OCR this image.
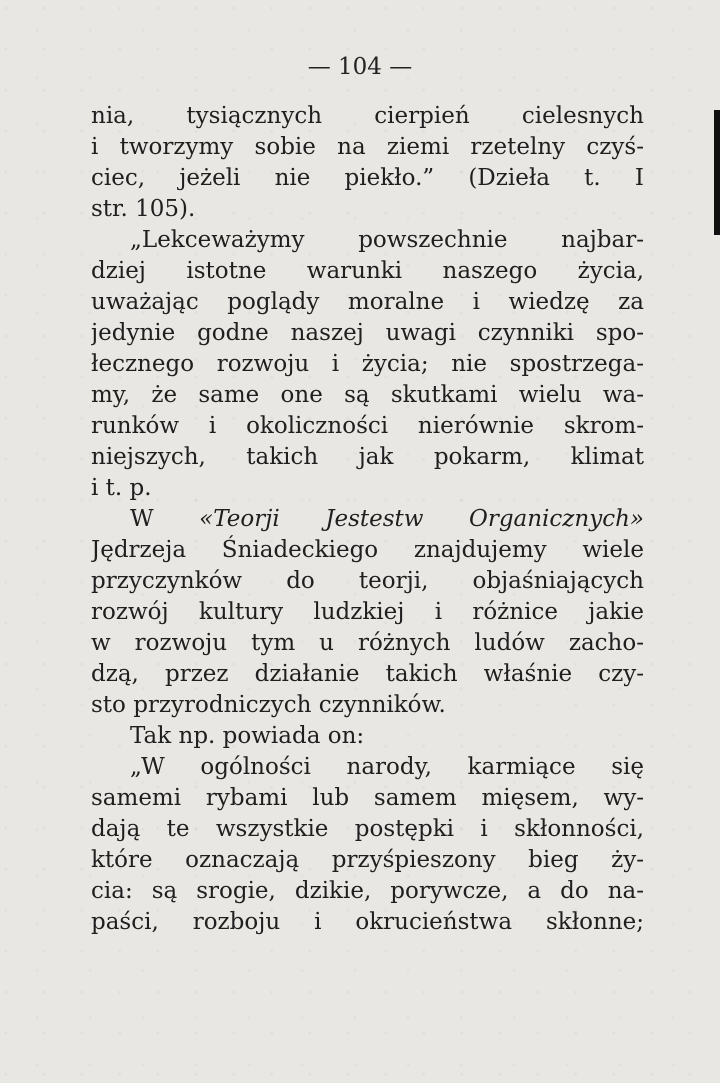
— 104 —
nia, tysiącznych cierpień cielesnych
i tworzymy sobie na ziemi rzetelny czyś-
ciec, jeżeli nie piekło.” (Dzieła t. I
str. 105).
„Lekceważymy powszechnie najbar-
dziej istotne warunki naszego życia,
uważając poglądy moralne i wiedzę za
jedynie godne naszej uwagi czynniki spo-
łecznego rozwoju i życia; nie spostrzega-
my, że same one są skutkami wielu wa-
runków i okoliczności nierównie skrom-
niejszych, takich jak pokarm, klimat
i t. p.
W «Teorji Jestestw Organicznych»
Jędrzeja Śniadeckiego znajdujemy wiele
przyczynków do teorji, objaśniających
rozwój kultury ludzkiej i różnice jakie
w rozwoju tym u różnych ludów zacho-
dzą, przez działanie takich właśnie czy-
sto przyrodniczych czynników.
Tak np. powiada on:
„W ogólności narody, karmiące się
samemi rybami lub samem mięsem, wy-
dają te wszystkie postępki i skłonności,
które oznaczają przyśpieszony bieg ży-
cia: są srogie, dzikie, porywcze, a do na-
paści, rozboju i okrucieństwa skłonne;
